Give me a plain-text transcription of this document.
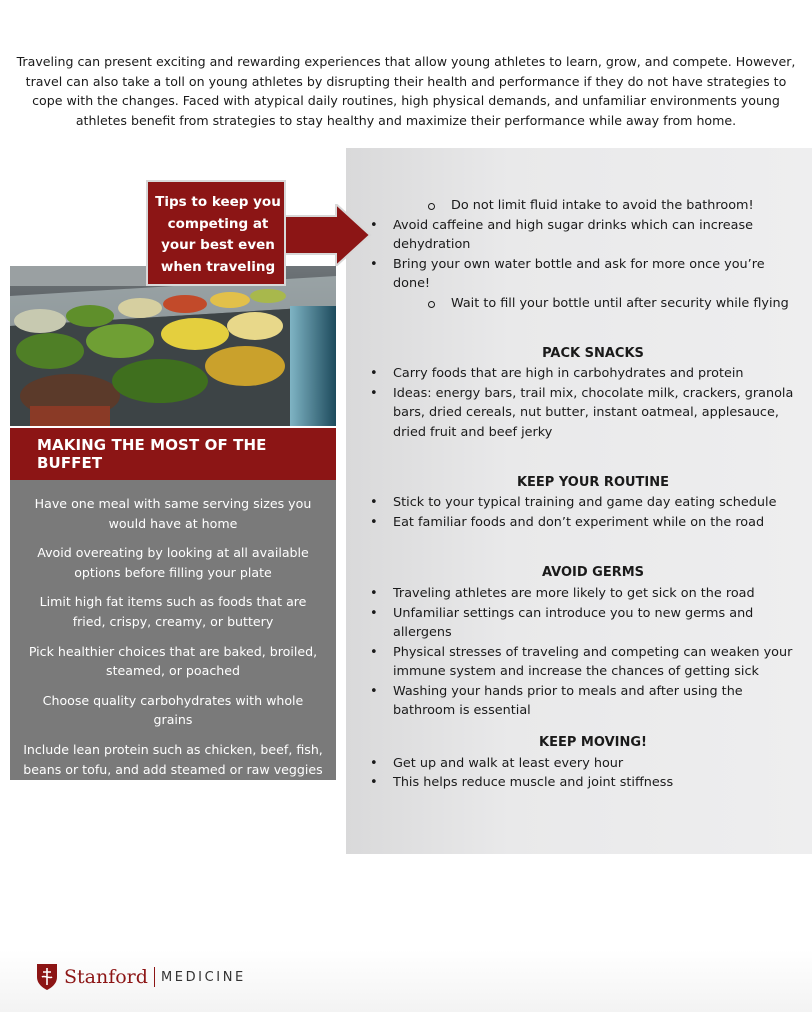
Traveling can present exciting and rewarding experiences that allow young athletes to learn, grow, and compete. However, travel can also take a toll on young athletes by disrupting their health and performance if they do not have strategies to cope with the changes. Faced with atypical daily routines, high physical demands, and unfamiliar environments young athletes benefit from strategies to stay healthy and maximize their performance while away from home.

Tips to keep you competing at your best even when traveling
MAKING THE MOST OF THE BUFFET

Have one meal with same serving sizes you would have at home

Avoid overeating by looking at all available options before filling your plate

Limit high fat items such as foods that are fried, crispy, creamy, or buttery

Pick healthier choices that are baked, broiled, steamed, or poached

Choose quality carbohydrates with whole grains

Include lean protein such as chicken, beef, fish, beans or tofu, and add steamed or raw veggies

Do not limit fluid intake to avoid the bathroom!
• Avoid caffeine and high sugar drinks which can increase dehydration
• Bring your own water bottle and ask for more once you’re done!
Wait to fill your bottle until after security while flying

PACK SNACKS

• Carry foods that are high in carbohydrates and protein
• Ideas: energy bars, trail mix, chocolate milk, crackers, granola bars, dried cereals, nut butter, instant oatmeal, applesauce, dried fruit and beef jerky

KEEP YOUR ROUTINE

• Stick to your typical training and game day eating schedule
• Eat familiar foods and don’t experiment while on the road

AVOID GERMS

• Traveling athletes are more likely to get sick on the road
• Unfamiliar settings can introduce you to new germs and allergens
• Physical stresses of traveling and competing can weaken your immune system and increase the chances of getting sick
• Washing your hands prior to meals and after using the bathroom is essential

KEEP MOVING!

• Get up and walk at least every hour
• This helps reduce muscle and joint stiffness
Stanford MEDICINE
